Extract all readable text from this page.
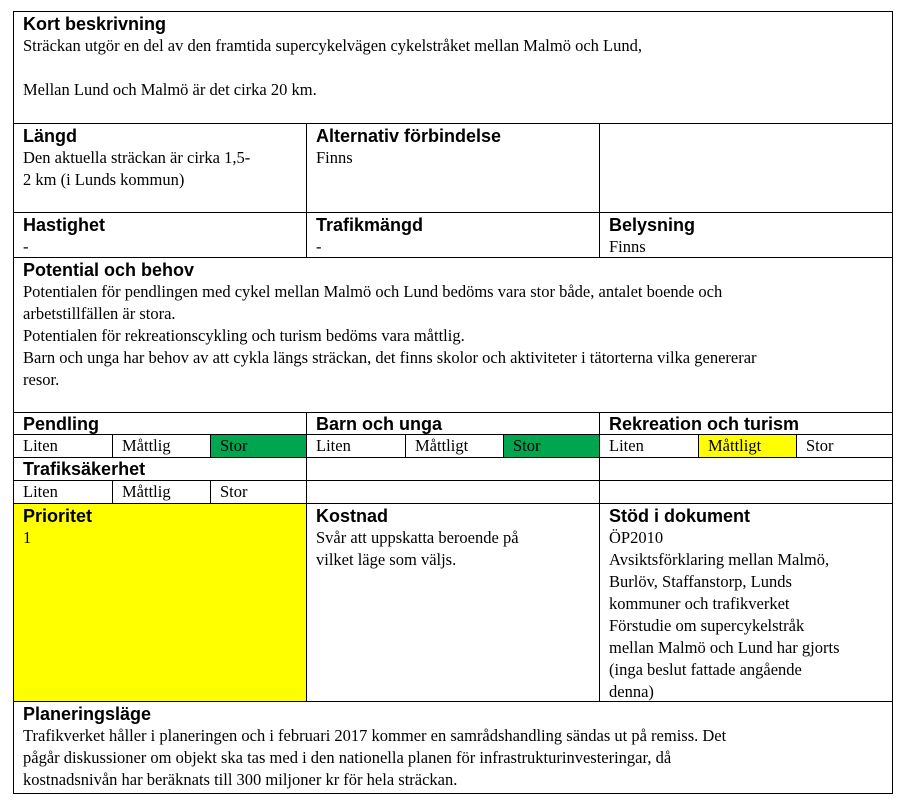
Kort beskrivning
Sträckan utgör en del av den framtida supercykelvägen cykelstråket mellan Malmö och Lund,
Mellan Lund och Malmö är det cirka 20 km.
Längd
Den aktuella sträckan är cirka 1,5-
2 km (i Lunds kommun)
Alternativ förbindelse
Finns
Hastighet
-
Trafikmängd
-
Belysning
Finns
Potential och behov
Potentialen för pendlingen med cykel mellan Malmö och Lund bedöms vara stor både, antalet boende och
arbetstillfällen är stora.
Potentialen för rekreationscykling och turism bedöms vara måttlig.
Barn och unga har behov av att cykla längs sträckan, det finns skolor och aktiviteter i tätorterna vilka genererar
resor.
Pendling	Barn och unga	Rekreation och turism
Liten	Måttlig	Stor	Liten	Måttligt	Stor	Liten	Måttligt	Stor
Trafiksäkerhet
Liten	Måttlig	Stor
Prioritet
1
Kostnad
Svår att uppskatta beroende på
vilket läge som väljs.
Stöd i dokument
ÖP2010
Avsiktsförklaring mellan Malmö,
Burlöv, Staffanstorp, Lunds
kommuner och trafikverket
Förstudie om supercykelstråk
mellan Malmö och Lund har gjorts
(inga beslut fattade angående
denna)
Planeringsläge
Trafikverket håller i planeringen och i februari 2017 kommer en samrådshandling sändas ut på remiss. Det
pågår diskussioner om objekt ska tas med i den nationella planen för infrastrukturinvesteringar, då
kostnadsnivån har beräknats till 300 miljoner kr för hela sträckan.
